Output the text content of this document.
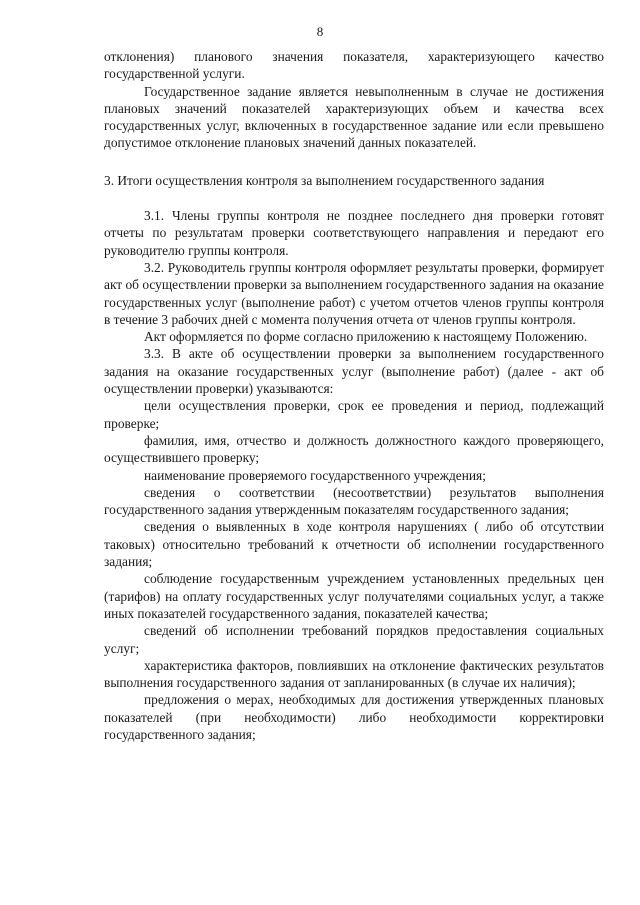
8

отклонения) планового значения показателя, характеризующего качество государственной услуги.

Государственное задание является невыполненным в случае не достижения плановых значений показателей характеризующих объем и качества всех государственных услуг, включенных в государственное задание или если превышено допустимое отклонение плановых значений данных показателей.

3. Итоги осуществления контроля за выполнением государственного задания

3.1. Члены группы контроля не позднее последнего дня проверки готовят отчеты по результатам проверки соответствующего направления и передают его руководителю группы контроля.

3.2. Руководитель группы контроля оформляет результаты проверки, формирует акт об осуществлении проверки за выполнением государственного задания на оказание государственных услуг (выполнение работ) с учетом отчетов членов группы контроля в течение 3 рабочих дней с момента получения отчета от членов группы контроля.

Акт оформляется по форме согласно приложению к настоящему Положению.

3.3. В акте об осуществлении проверки за выполнением государственного задания на оказание государственных услуг (выполнение работ) (далее - акт об осуществлении проверки) указываются:

цели осуществления проверки, срок ее проведения и период, подлежащий проверке;

фамилия, имя, отчество и должность должностного каждого проверяющего, осуществившего проверку;

наименование проверяемого государственного учреждения;

сведения о соответствии (несоответствии) результатов выполнения государственного задания утвержденным показателям государственного задания;

сведения о выявленных в ходе контроля нарушениях ( либо об отсутствии таковых) относительно требований к отчетности об исполнении государственного задания;

соблюдение государственным учреждением установленных предельных цен (тарифов) на оплату государственных услуг получателями социальных услуг, а также иных показателей государственного задания, показателей качества;

сведений об исполнении требований порядков предоставления социальных услуг;

характеристика факторов, повлиявших на отклонение фактических результатов выполнения государственного задания от запланированных (в случае их наличия);

предложения о мерах, необходимых для достижения утвержденных плановых показателей (при необходимости) либо необходимости корректировки государственного задания;
